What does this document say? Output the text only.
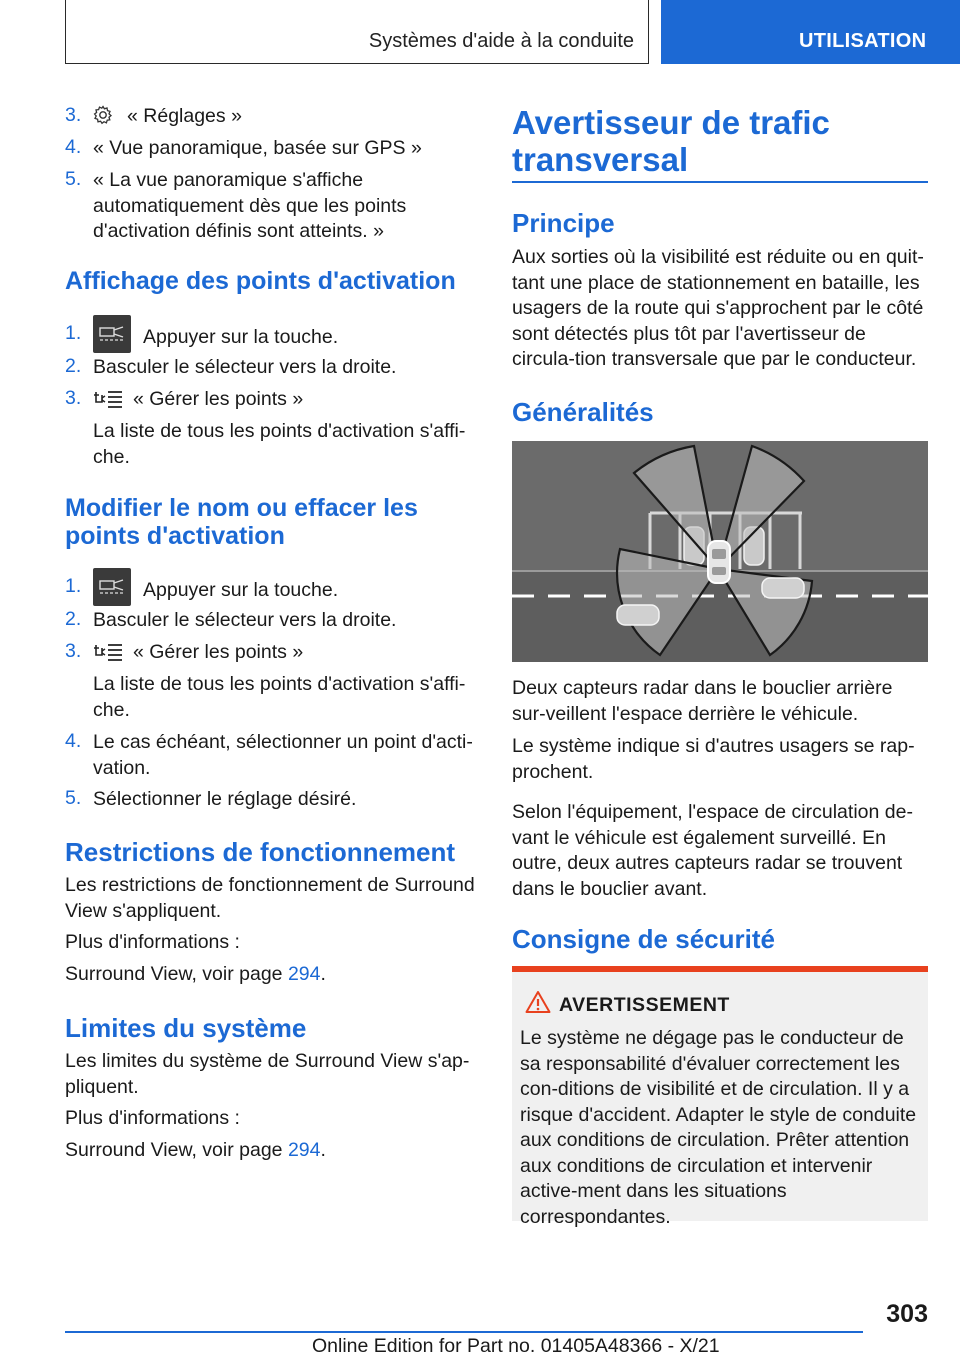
Systèmes d'aide à la conduite	UTILISATION
3.	« Réglages »
4. « Vue panoramique, basée sur GPS »
5. « La vue panoramique s'affiche automatiquement dès que les points d'activation définis sont atteints. »
Affichage des points d'activation
1.	Appuyer sur la touche.
2. Basculer le sélecteur vers la droite.
3.	« Gérer les points »
La liste de tous les points d'activation s'affi-che.
Modifier le nom ou effacer les points d'activation
1.	Appuyer sur la touche.
2. Basculer le sélecteur vers la droite.
3.	« Gérer les points »
La liste de tous les points d'activation s'affi-che.
4. Le cas échéant, sélectionner un point d'acti-vation.
5. Sélectionner le réglage désiré.
Restrictions de fonctionnement
Les restrictions de fonctionnement de Surround View s'appliquent.
Plus d'informations :
Surround View, voir page 294.
Limites du système
Les limites du système de Surround View s'ap-pliquent.
Plus d'informations :
Surround View, voir page 294.
Avertisseur de trafic transversal
Principe
Aux sorties où la visibilité est réduite ou en quit-tant une place de stationnement en bataille, les usagers de la route qui s'approchent par le côté sont détectés plus tôt par l'avertisseur de circula-tion transversale que par le conducteur.
Généralités
Deux capteurs radar dans le bouclier arrière sur-veillent l'espace derrière le véhicule.
Le système indique si d'autres usagers se rap-prochent.
Selon l'équipement, l'espace de circulation de-vant le véhicule est également surveillé. En outre, deux autres capteurs radar se trouvent dans le bouclier avant.
Consigne de sécurité
AVERTISSEMENT
Le système ne dégage pas le conducteur de sa responsabilité d'évaluer correctement les con-ditions de visibilité et de circulation. Il y a risque d'accident. Adapter le style de conduite aux conditions de circulation. Prêter attention aux conditions de circulation et intervenir active-ment dans les situations correspondantes.
303
Online Edition for Part no. 01405A48366 - X/21
